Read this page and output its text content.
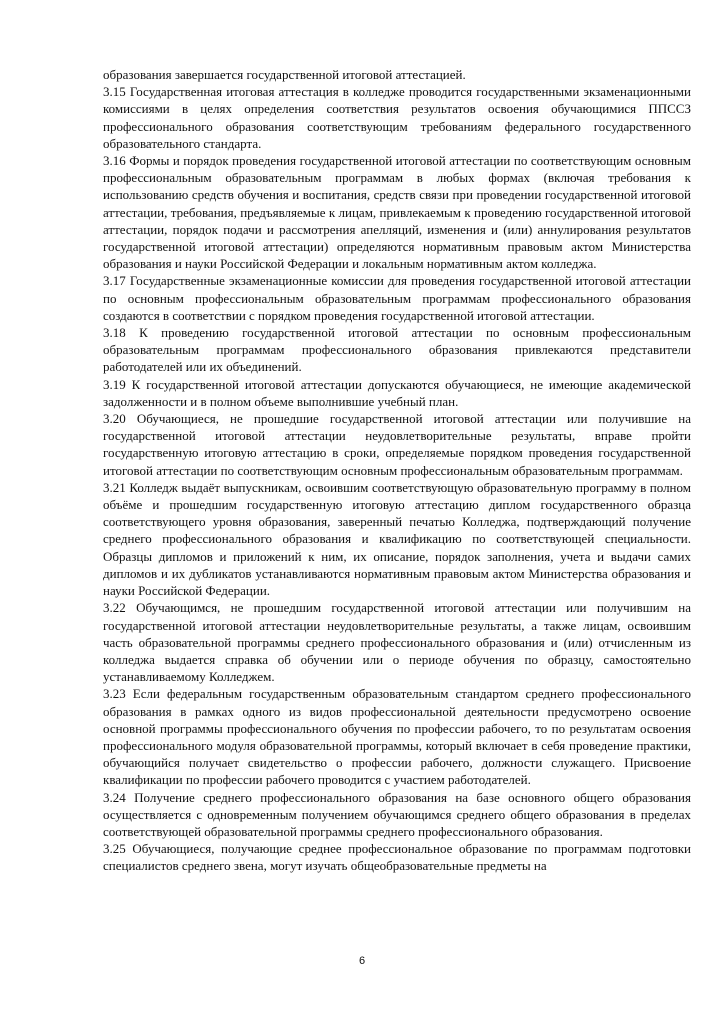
образования завершается государственной итоговой аттестацией.

3.15 Государственная итоговая аттестация в колледже проводится государственными экзаменационными комиссиями в целях определения соответствия результатов освоения обучающимися ППССЗ профессионального образования соответствующим требованиям федерального государственного образовательного стандарта.

3.16 Формы и порядок проведения государственной итоговой аттестации по соответствующим основным профессиональным образовательным программам в любых формах (включая требования к использованию средств обучения и воспитания, средств связи при проведении государственной итоговой аттестации, требования, предъявляемые к лицам, привлекаемым к проведению государственной итоговой аттестации, порядок подачи и рассмотрения апелляций, изменения и (или) аннулирования результатов государственной итоговой аттестации) определяются нормативным правовым актом Министерства образования и науки Российской Федерации и локальным нормативным актом колледжа.

3.17 Государственные экзаменационные комиссии для проведения государственной итоговой аттестации по основным профессиональным образовательным программам профессионального образования создаются в соответствии с порядком проведения государственной итоговой аттестации.

3.18 К проведению государственной итоговой аттестации по основным профессиональным образовательным программам профессионального образования привлекаются представители работодателей или их объединений.

3.19 К государственной итоговой аттестации допускаются обучающиеся, не имеющие академической задолженности и в полном объеме выполнившие учебный план.

3.20 Обучающиеся, не прошедшие государственной итоговой аттестации или получившие на государственной итоговой аттестации неудовлетворительные результаты, вправе пройти государственную итоговую аттестацию в сроки, определяемые порядком проведения государственной итоговой аттестации по соответствующим основным профессиональным образовательным программам.

3.21 Колледж выдаёт выпускникам, освоившим соответствующую образовательную программу в полном объёме и прошедшим государственную итоговую аттестацию диплом государственного образца соответствующего уровня образования, заверенный печатью Колледжа, подтверждающий получение среднего профессионального образования и квалификацию по соответствующей специальности. Образцы дипломов и приложений к ним, их описание, порядок заполнения, учета и выдачи самих дипломов и их дубликатов устанавливаются нормативным правовым актом Министерства образования и науки Российской Федерации.

3.22 Обучающимся, не прошедшим государственной итоговой аттестации или получившим на государственной итоговой аттестации неудовлетворительные результаты, а также лицам, освоившим часть образовательной программы среднего профессионального образования и (или) отчисленным из колледжа выдается справка об обучении или о периоде обучения по образцу, самостоятельно устанавливаемому Колледжем.

3.23 Если федеральным государственным образовательным стандартом среднего профессионального образования в рамках одного из видов профессиональной деятельности предусмотрено освоение основной программы профессионального обучения по профессии рабочего, то по результатам освоения профессионального модуля образовательной программы, который включает в себя проведение практики, обучающийся получает свидетельство о профессии рабочего, должности служащего. Присвоение квалификации по профессии рабочего проводится с участием работодателей.

3.24 Получение среднего профессионального образования на базе основного общего образования осуществляется с одновременным получением обучающимся среднего общего образования в пределах соответствующей образовательной программы среднего профессионального образования.

3.25 Обучающиеся, получающие среднее профессиональное образование по программам подготовки специалистов среднего звена, могут изучать общеобразовательные предметы на

6
